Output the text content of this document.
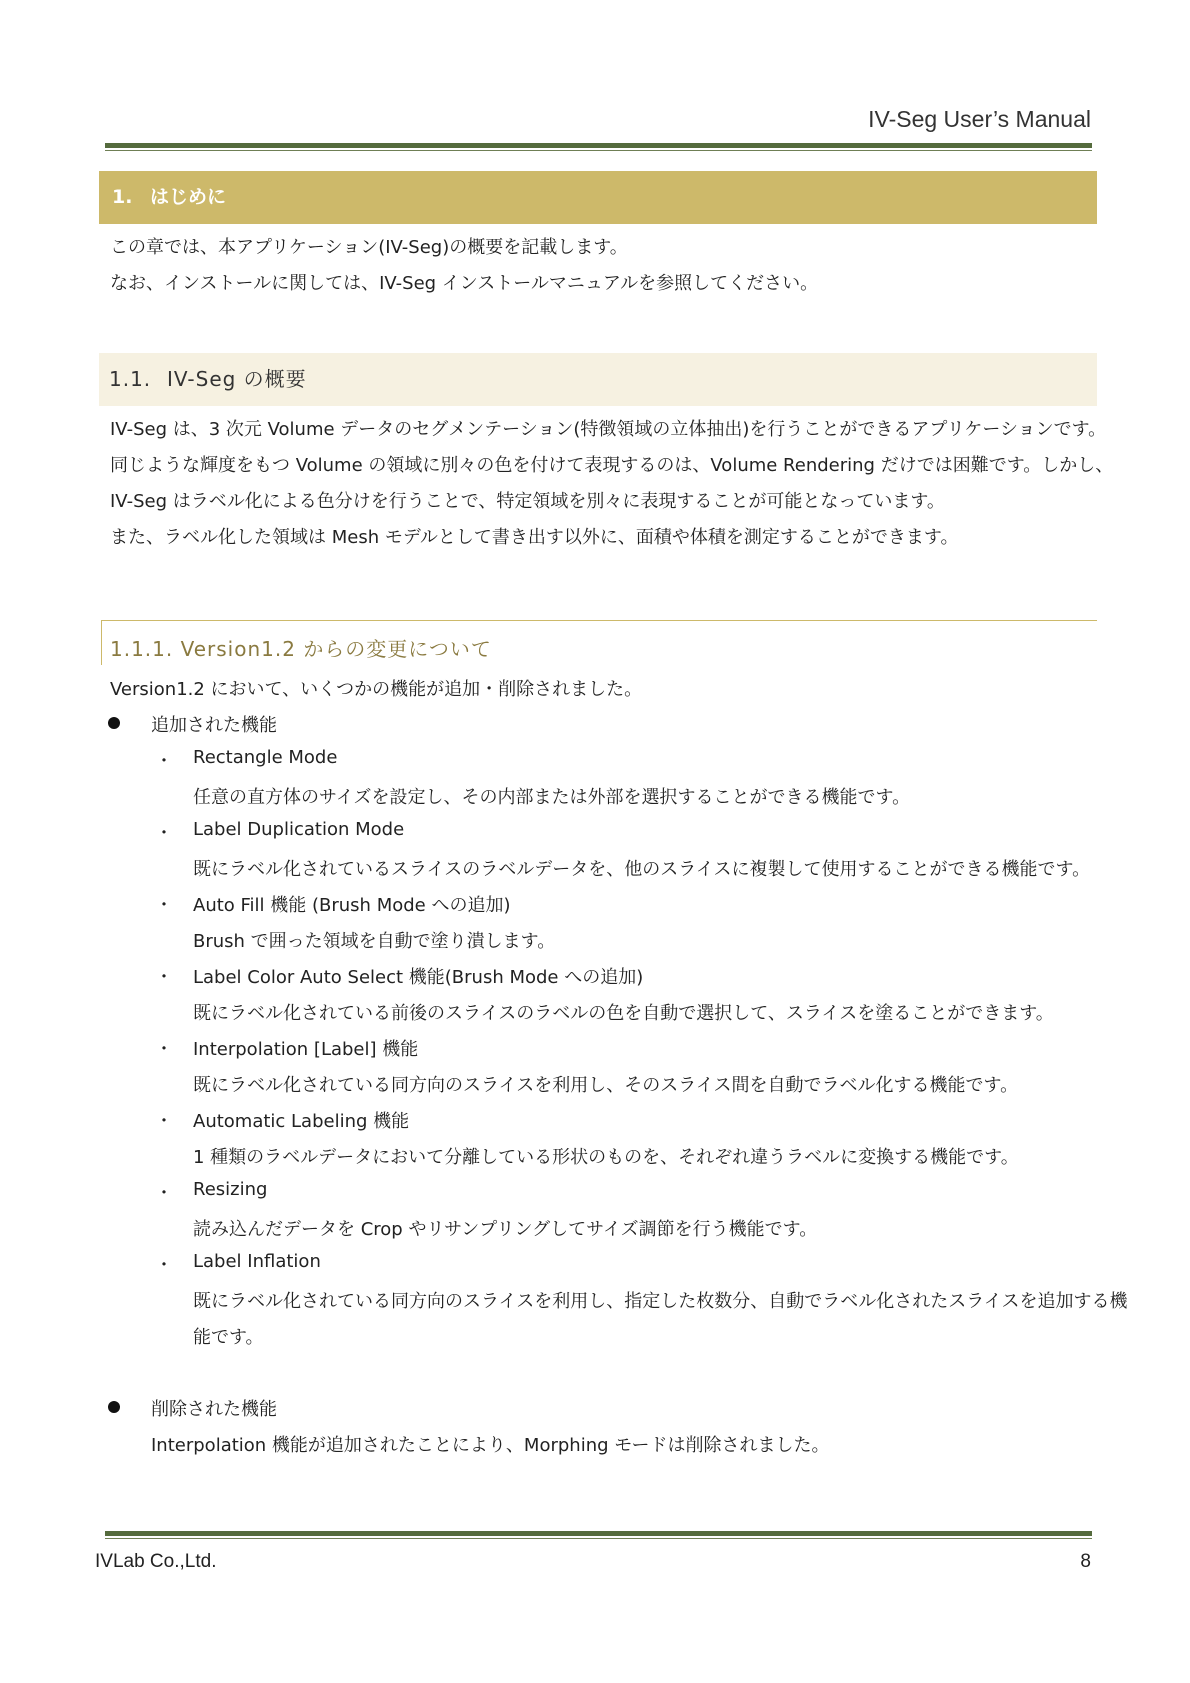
IV-Seg User’s Manual
1. はじめに
この章では、本アプリケーション(IV-Seg)の概要を記載します。
なお、インストールに関しては、IV-Seg インストールマニュアルを参照してください。
1.1. IV-Seg の概要
IV-Seg は、3 次元 Volume データのセグメンテーション(特徴領域の立体抽出)を行うことができるアプリケーションです。
同じような輝度をもつ Volume の領域に別々の色を付けて表現するのは、Volume Rendering だけでは困難です。しかし、
IV-Seg はラベル化による色分けを行うことで、特定領域を別々に表現することが可能となっています。
また、ラベル化した領域は Mesh モデルとして書き出す以外に、面積や体積を測定することができます。
1.1.1. Version1.2 からの変更について
Version1.2 において、いくつかの機能が追加・削除されました。
追加された機能
・ Rectangle Mode
任意の直方体のサイズを設定し、その内部または外部を選択することができる機能です。
・ Label Duplication Mode
既にラベル化されているスライスのラベルデータを、他のスライスに複製して使用することができる機能です。
・ Auto Fill 機能 (Brush Mode への追加)
Brush で囲った領域を自動で塗り潰します。
・ Label Color Auto Select 機能(Brush Mode への追加)
既にラベル化されている前後のスライスのラベルの色を自動で選択して、スライスを塗ることができます。
・ Interpolation [Label] 機能
既にラベル化されている同方向のスライスを利用し、そのスライス間を自動でラベル化する機能です。
・ Automatic Labeling 機能
1 種類のラベルデータにおいて分離している形状のものを、それぞれ違うラベルに変換する機能です。
・ Resizing
読み込んだデータを Crop やリサンプリングしてサイズ調節を行う機能です。
・ Label Inflation
既にラベル化されている同方向のスライスを利用し、指定した枚数分、自動でラベル化されたスライスを追加する機
能です。
削除された機能
Interpolation 機能が追加されたことにより、Morphing モードは削除されました。
IVLab Co.,Ltd.	8
